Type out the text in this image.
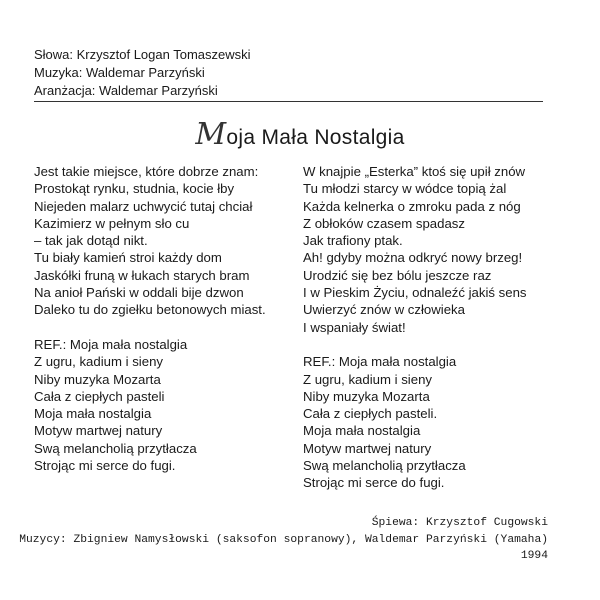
Słowa: Krzysztof Logan Tomaszewski
Muzyka: Waldemar Parzyński
Aranżacja: Waldemar Parzyński
Moja Mała Nostalgia
Jest takie miejsce, które dobrze znam:
Prostokąt rynku, studnia, kocie łby
Niejeden malarz uchwycić tutaj chciał
Kazimierz w pełnym sło cu
– tak jak dotąd nikt.
Tu biały kamień stroi każdy dom
Jaskółki fruną w łukach starych bram
Na anioł Pański w oddali bije dzwon
Daleko tu do zgiełku betonowych miast.
REF.: Moja mała nostalgia
Z ugru, kadium i sieny
Niby muzyka Mozarta
Cała z ciepłych pasteli
Moja mała nostalgia
Motyw martwej natury
Swą melancholią przytłacza
Strojąc mi serce do fugi.
W knajpie „Esterka” ktoś się upił znów
Tu młodzi starcy w wódce topią żal
Każda kelnerka o zmroku pada z nóg
Z obłoków czasem spadasz
Jak trafiony ptak.
Ah! gdyby można odkryć nowy brzeg!
Urodzić się bez bólu jeszcze raz
I w Pieskim Życiu, odnaleźć jakiś sens
Uwierzyć znów w człowieka
I wspaniały świat!
REF.: Moja mała nostalgia
Z ugru, kadium i sieny
Niby muzyka Mozarta
Cała z ciepłych pasteli.
Moja mała nostalgia
Motyw martwej natury
Swą melancholią przytłacza
Strojąc mi serce do fugi.
Śpiewa: Krzysztof Cugowski
Muzycy: Zbigniew Namysłowski (saksofon sopranowy), Waldemar Parzyński (Yamaha)
1994
